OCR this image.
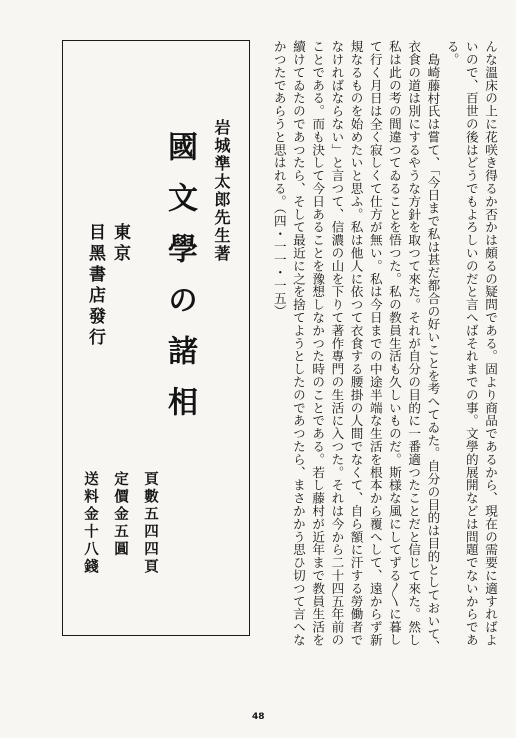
んな溫床の上に花咲き得るか否かは頗るの疑問である。固より商品であるから、現在の需要に適すればよいので、百世の後はどうでもよろしいのだと言へばそれまでの事。文學的展開などは問題でないからである。

島崎藤村氏は嘗て、「今日まで私は甚だ都合の好いことを考へてゐた。自分の目的は目的としておいて、衣食の道は別にするやうな方針を取つて來た。それが自分の目的に一番適つたことだと信じて來た。然し私は此の考の間違つてゐることを悟つた。私の教員生活も久しいものだ。斯様な風にしてずる〳〵に暮して行く月日は全く寂しくて仕方が無い。私は今日までの中途半端な生活を根本から覆へして、遠からず新規なるものを始めたいと思ふ。私は他人に依つて衣食する腰掛の人間でなくて、自ら額に汗する勞働者でなければならない」と言つて、信濃の山を下りて著作專門の生活に入つた。それは今から二十四五年前のことである。而も決して今日あることを豫想しなかつた時のことである。若し藤村が近年まで教員生活を續けてゐたのであつたら、そして最近に之を捨てようとしたのであつたら、まさかかう思ひ切つて言へなかつたであらうと思はれる。（四・一一・一五）

岩城準太郎先生著
國文學の諸相
頁數五四四頁
定價金五圓
送料金十八錢
東京
目黑書店發行
48
